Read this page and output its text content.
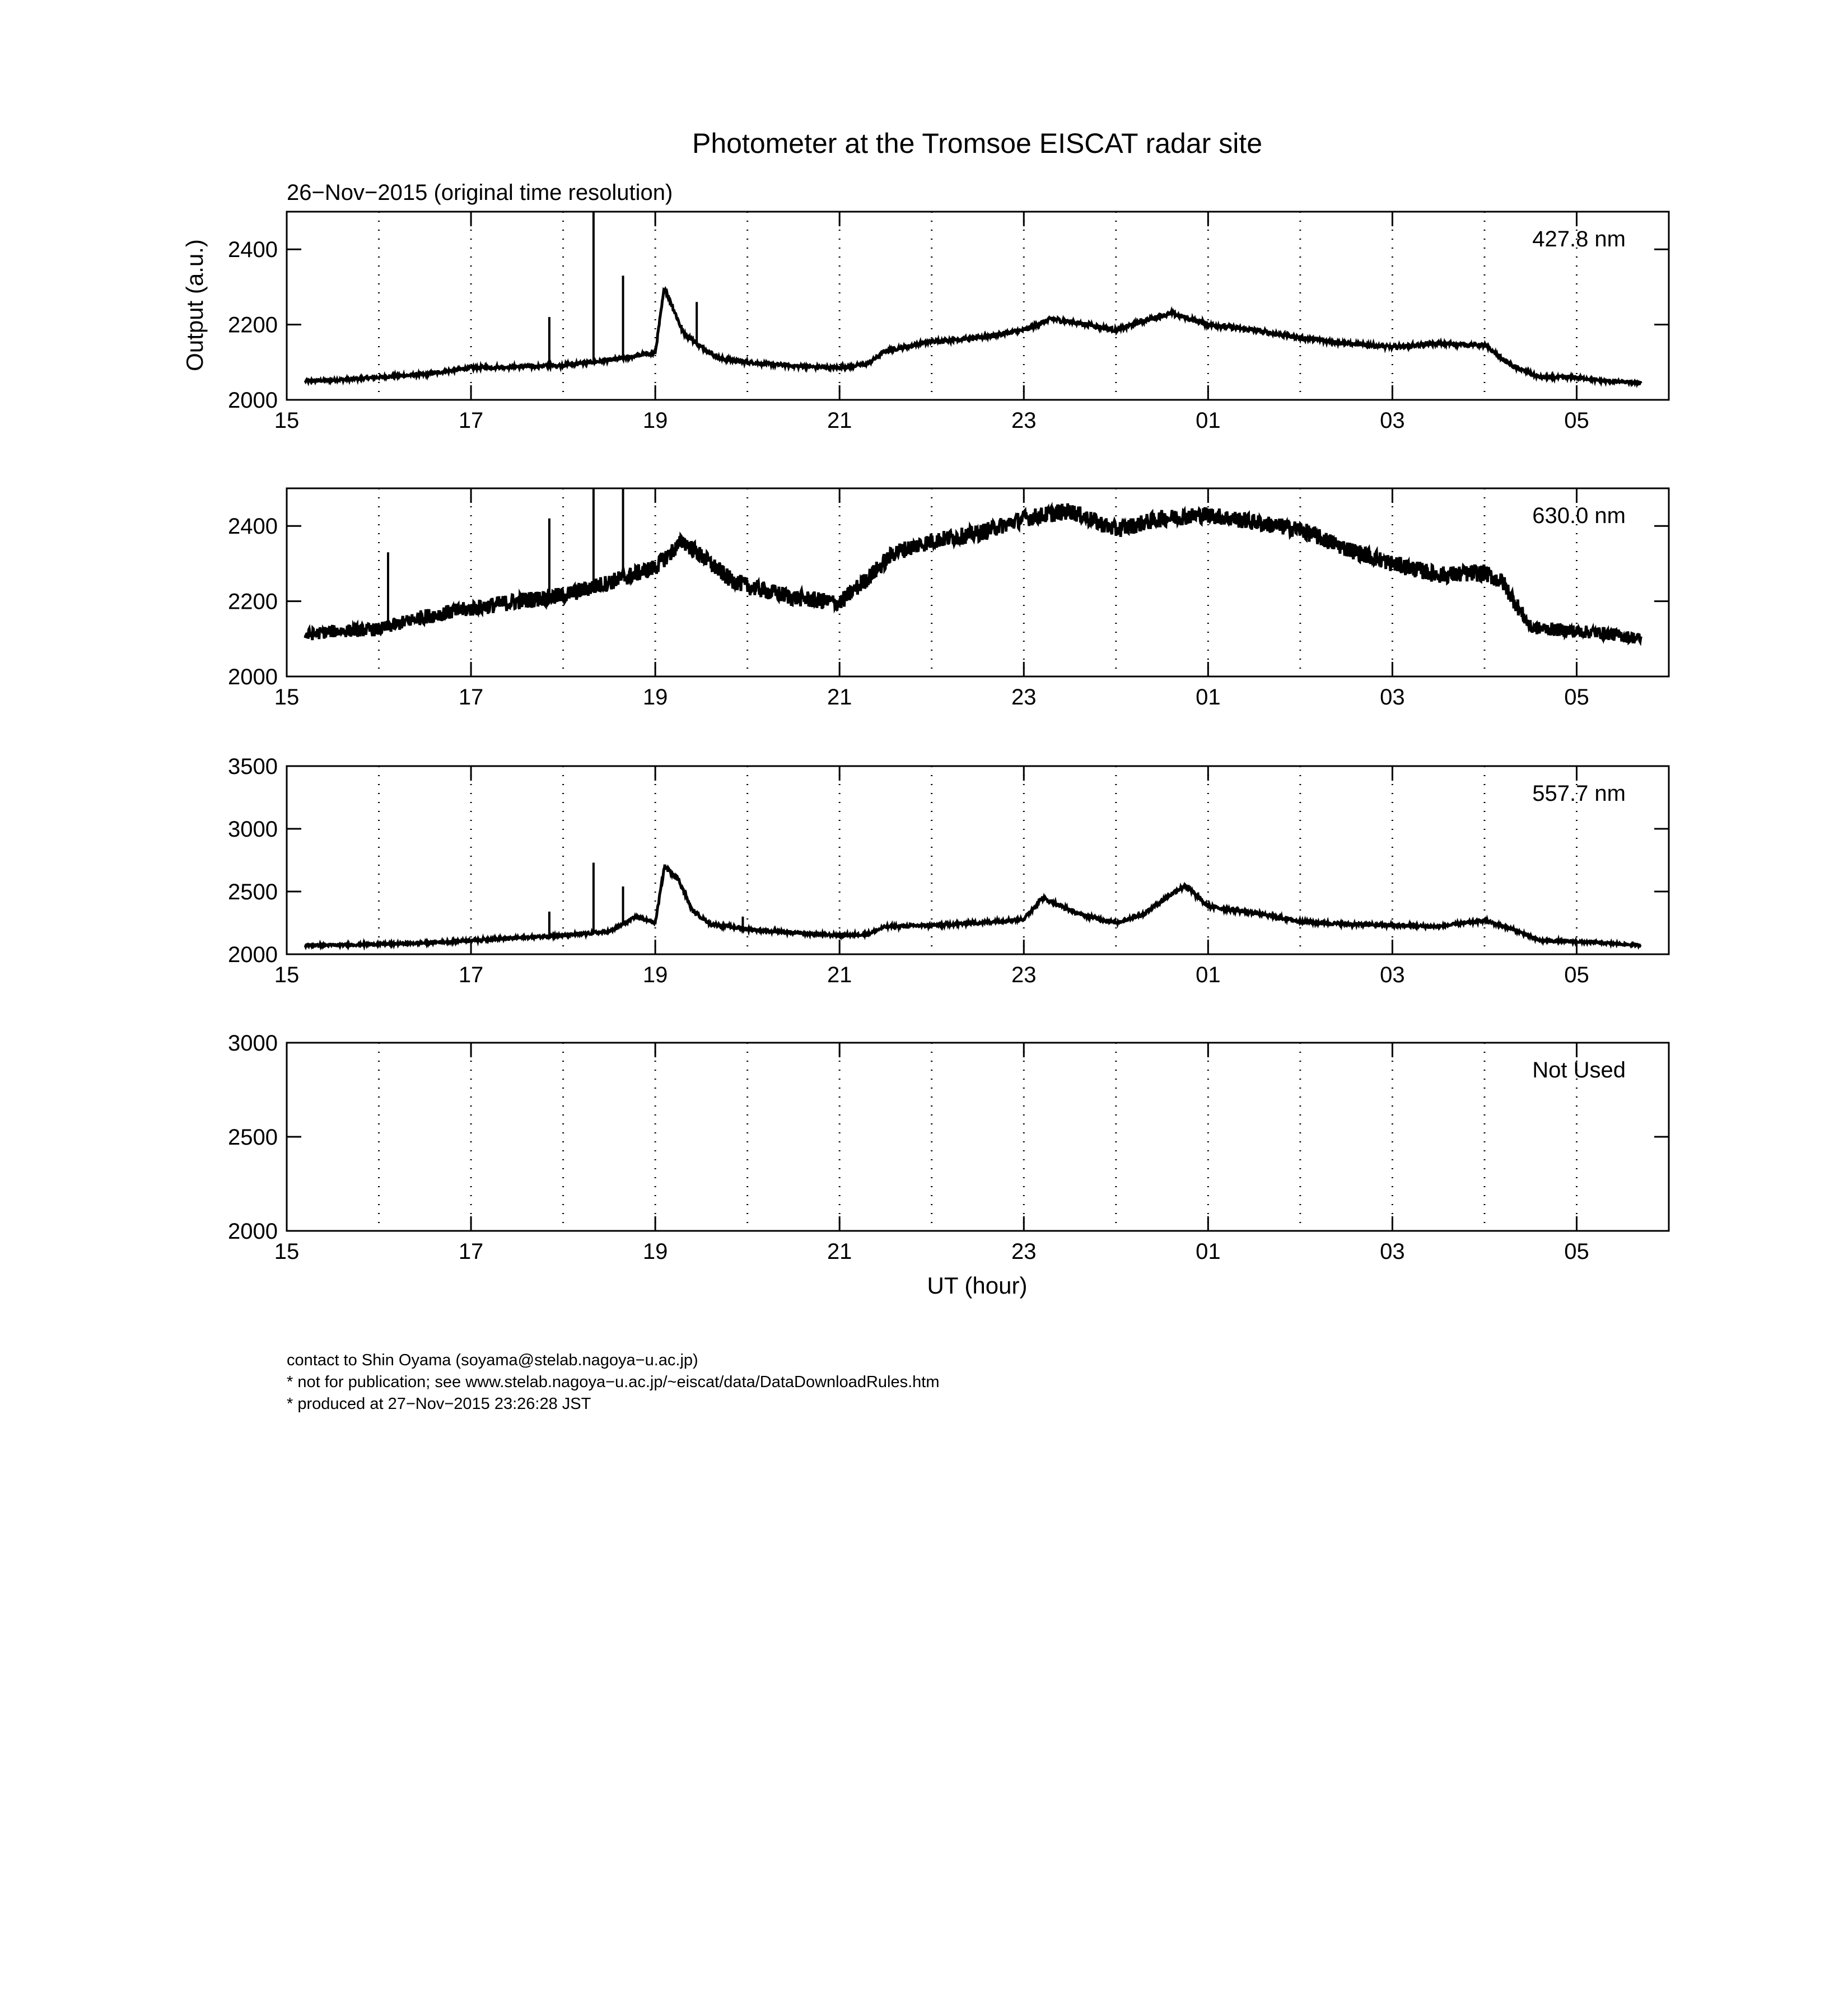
Photometer at the Tromsoe EISCAT radar site
26−Nov−2015 (original time resolution)
Output (a.u.)
UT (hour)
2000
2200
2400
15	17	19	21	23	01	03	05
427.8 nm
2000
2200
2400
15	17	19	21	23	01	03	05
630.0 nm
2000
2500
3000
3500
15	17	19	21	23	01	03	05
557.7 nm
2000
2500
3000
15	17	19	21	23	01	03	05
Not Used
contact to Shin Oyama (soyama@stelab.nagoya−u.ac.jp)
* not for publication; see www.stelab.nagoya−u.ac.jp/~eiscat/data/DataDownloadRules.htm
* produced at 27−Nov−2015 23:26:28 JST
